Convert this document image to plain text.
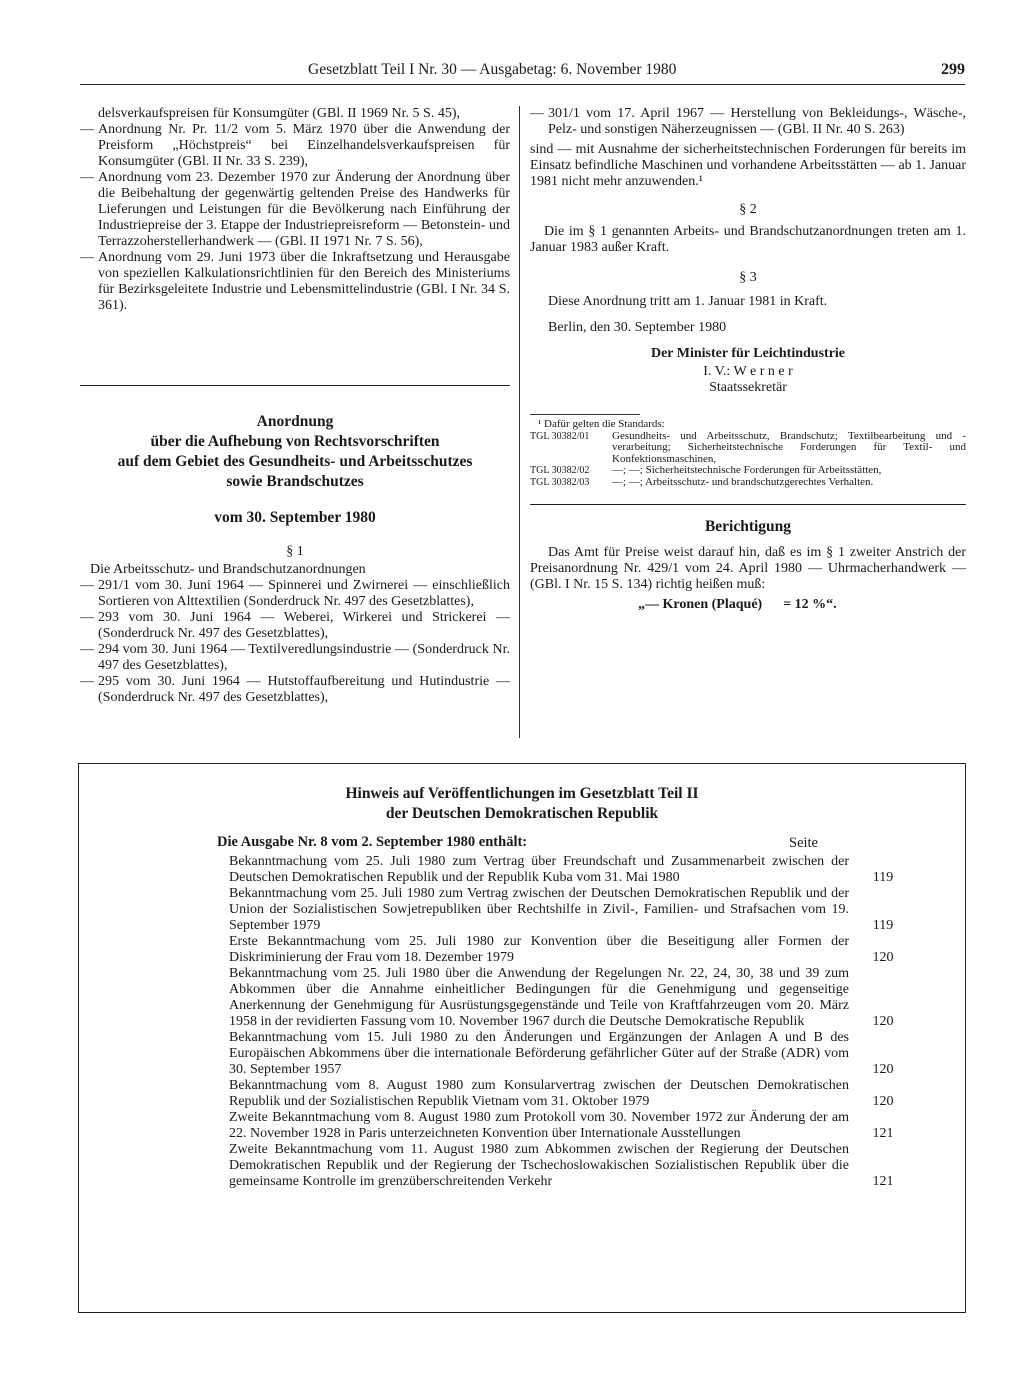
Gesetzblatt Teil I Nr. 30 — Ausgabetag: 6. November 1980	299
delsverkaufspreisen für Konsumgüter (GBl. II 1969 Nr. 5 S. 45),
— Anordnung Nr. Pr. 11/2 vom 5. März 1970 über die Anwendung der Preisform „Höchstpreis“ bei Einzelhandelsverkaufspreisen für Konsumgüter (GBl. II Nr. 33 S. 239),
— Anordnung vom 23. Dezember 1970 zur Änderung der Anordnung über die Beibehaltung der gegenwärtig geltenden Preise des Handwerks für Lieferungen und Leistungen für die Bevölkerung nach Einführung der Industriepreise der 3. Etappe der Industriepreisreform — Betonstein- und Terrazzoherstellerhandwerk — (GBl. II 1971 Nr. 7 S. 56),
— Anordnung vom 29. Juni 1973 über die Inkraftsetzung und Herausgabe von speziellen Kalkulationsrichtlinien für den Bereich des Ministeriums für Bezirksgeleitete Industrie und Lebensmittelindustrie (GBl. I Nr. 34 S. 361).
Anordnung
über die Aufhebung von Rechtsvorschriften
auf dem Gebiet des Gesundheits- und Arbeitsschutzes
sowie Brandschutzes
vom 30. September 1980
§ 1
Die Arbeitsschutz- und Brandschutzanordnungen
— 291/1 vom 30. Juni 1964 — Spinnerei und Zwirnerei — einschließlich Sortieren von Alttextilien (Sonderdruck Nr. 497 des Gesetzblattes),
— 293 vom 30. Juni 1964 — Weberei, Wirkerei und Strickerei — (Sonderdruck Nr. 497 des Gesetzblattes),
— 294 vom 30. Juni 1964 — Textilveredlungsindustrie — (Sonderdruck Nr. 497 des Gesetzblattes),
— 295 vom 30. Juni 1964 — Hutstoffaufbereitung und Hutindustrie — (Sonderdruck Nr. 497 des Gesetzblattes),
— 301/1 vom 17. April 1967 — Herstellung von Bekleidungs-, Wäsche-, Pelz- und sonstigen Näherzeugnissen — (GBl. II Nr. 40 S. 263)
sind — mit Ausnahme der sicherheitstechnischen Forderungen für bereits im Einsatz befindliche Maschinen und vorhandene Arbeitsstätten — ab 1. Januar 1981 nicht mehr anzuwenden.¹
§ 2
Die im § 1 genannten Arbeits- und Brandschutzanordnungen treten am 1. Januar 1983 außer Kraft.
§ 3
Diese Anordnung tritt am 1. Januar 1981 in Kraft.
Berlin, den 30. September 1980
Der Minister für Leichtindustrie
I. V.: W e r n e r
Staatssekretär
¹ Dafür gelten die Standards:
TGL 30382/01	Gesundheits- und Arbeitsschutz, Brandschutz; Textilbearbeitung und -verarbeitung; Sicherheitstechnische Forderungen für Textil- und Konfektionsmaschinen,
TGL 30382/02	—; —; Sicherheitstechnische Forderungen für Arbeitsstätten,
TGL 30382/03	—; —; Arbeitsschutz- und brandschutzgerechtes Verhalten.
Berichtigung
Das Amt für Preise weist darauf hin, daß es im § 1 zweiter Anstrich der Preisanordnung Nr. 429/1 vom 24. April 1980 — Uhrmacherhandwerk — (GBl. I Nr. 15 S. 134) richtig heißen muß:
„— Kronen (Plaqué)      = 12 %“.
Hinweis auf Veröffentlichungen im Gesetzblatt Teil II
der Deutschen Demokratischen Republik
Die Ausgabe Nr. 8 vom 2. September 1980 enthält:	Seite
Bekanntmachung vom 25. Juli 1980 zum Vertrag über Freundschaft und Zusammenarbeit zwischen der Deutschen Demokratischen Republik und der Republik Kuba vom 31. Mai 1980	119
Bekanntmachung vom 25. Juli 1980 zum Vertrag zwischen der Deutschen Demokratischen Republik und der Union der Sozialistischen Sowjetrepubliken über Rechtshilfe in Zivil-, Familien- und Strafsachen vom 19. September 1979	119
Erste Bekanntmachung vom 25. Juli 1980 zur Konvention über die Beseitigung aller Formen der Diskriminierung der Frau vom 18. Dezember 1979	120
Bekanntmachung vom 25. Juli 1980 über die Anwendung der Regelungen Nr. 22, 24, 30, 38 und 39 zum Abkommen über die Annahme einheitlicher Bedingungen für die Genehmigung und gegenseitige Anerkennung der Genehmigung für Ausrüstungsgegenstände und Teile von Kraftfahrzeugen vom 20. März 1958 in der revidierten Fassung vom 10. November 1967 durch die Deutsche Demokratische Republik	120
Bekanntmachung vom 15. Juli 1980 zu den Änderungen und Ergänzungen der Anlagen A und B des Europäischen Abkommens über die internationale Beförderung gefährlicher Güter auf der Straße (ADR) vom 30. September 1957	120
Bekanntmachung vom 8. August 1980 zum Konsularvertrag zwischen der Deutschen Demokratischen Republik und der Sozialistischen Republik Vietnam vom 31. Oktober 1979	120
Zweite Bekanntmachung vom 8. August 1980 zum Protokoll vom 30. November 1972 zur Änderung der am 22. November 1928 in Paris unterzeichneten Konvention über Internationale Ausstellungen	121
Zweite Bekanntmachung vom 11. August 1980 zum Abkommen zwischen der Regierung der Deutschen Demokratischen Republik und der Regierung der Tschechoslowakischen Sozialistischen Republik über die gemeinsame Kontrolle im grenzüberschreitenden Verkehr	121
